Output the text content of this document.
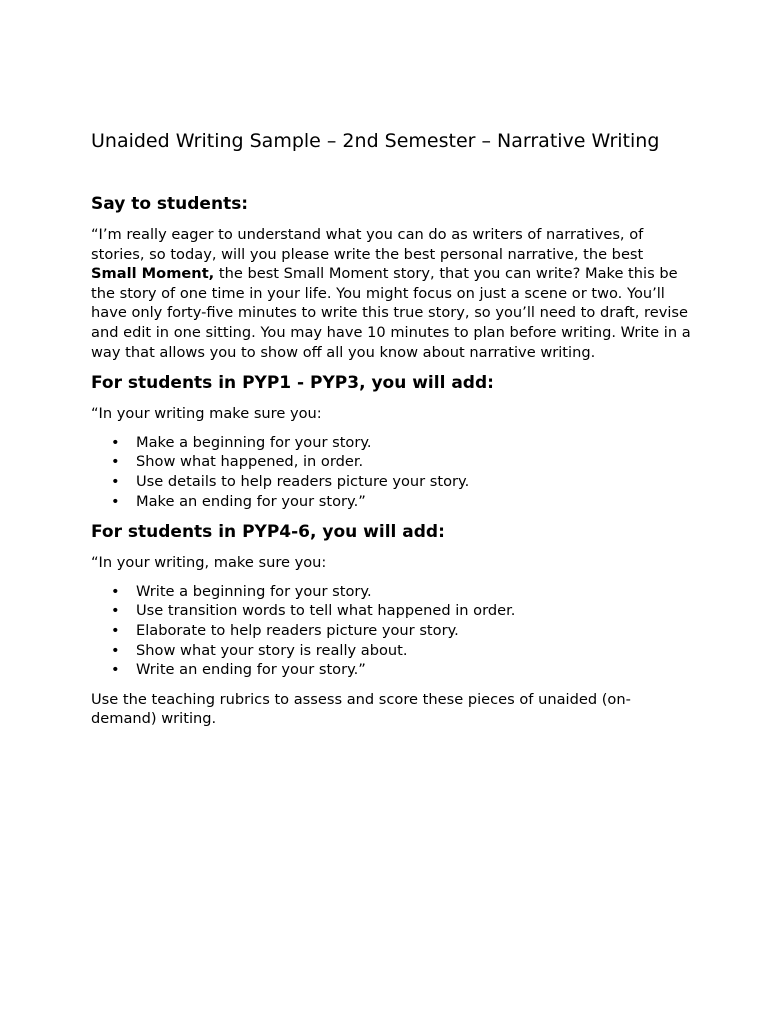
Unaided Writing Sample – 2nd Semester – Narrative Writing
Say to students:

“I’m really eager to understand what you can do as writers of narratives, of stories, so today, will you please write the best personal narrative, the best Small Moment, the best Small Moment story, that you can write? Make this be the story of one time in your life. You might focus on just a scene or two. You’ll have only forty-five minutes to write this true story, so you’ll need to draft, revise and edit in one sitting. You may have 10 minutes to plan before writing. Write in a way that allows you to show off all you know about narrative writing.

For students in PYP1 - PYP3, you will add:

“In your writing make sure you:

• Make a beginning for your story.
• Show what happened, in order.
• Use details to help readers picture your story.
• Make an ending for your story.”
For students in PYP4-6, you will add:

“In your writing, make sure you:

• Write a beginning for your story.
• Use transition words to tell what happened in order.
• Elaborate to help readers picture your story.
• Show what your story is really about.
• Write an ending for your story.”

Use the teaching rubrics to assess and score these pieces of unaided (on-demand) writing.
